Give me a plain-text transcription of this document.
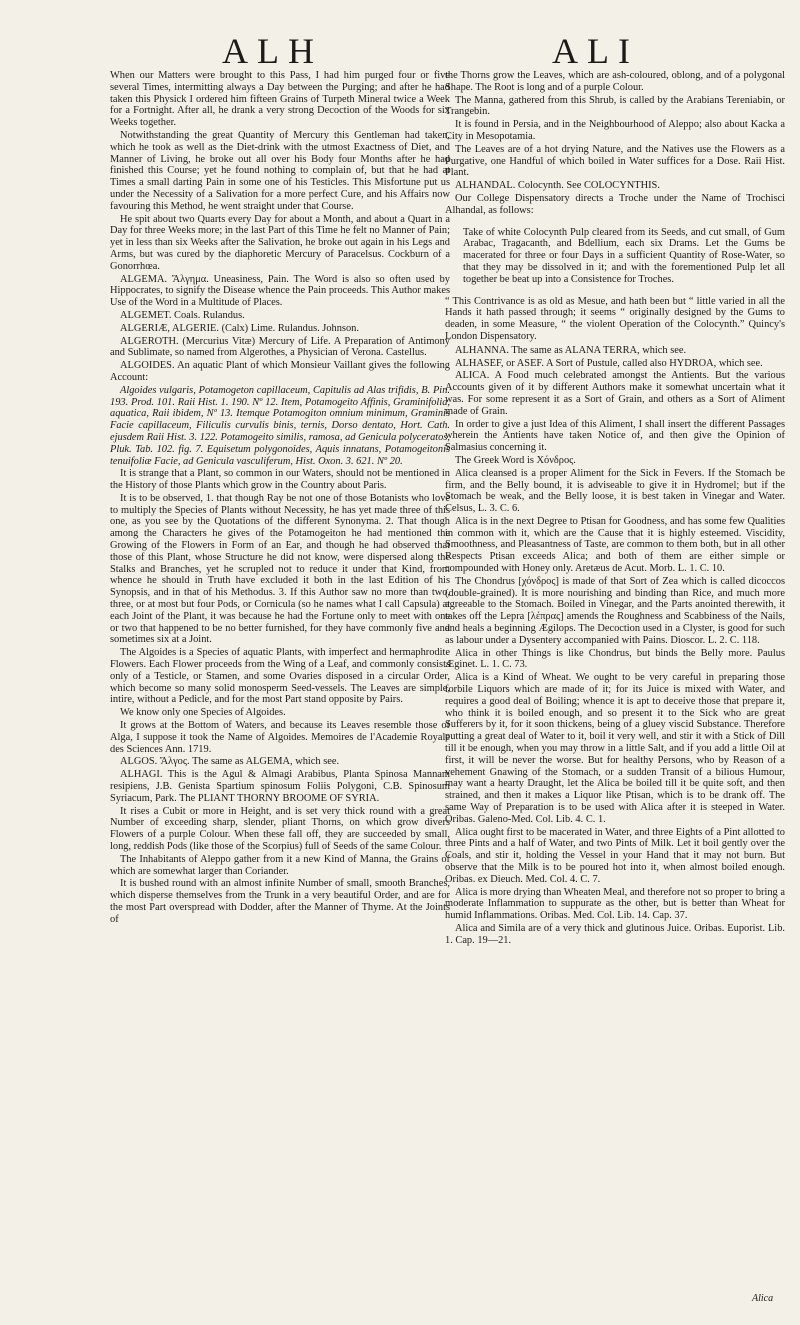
ALH	ALI

When our Matters were brought to this Pass, I had him purged four or five several Times, intermitting always a Day between the Purging; and after he had taken this Physick I ordered him fifteen Grains of Turpeth Mineral twice a Week for a Fortnight. After all, he drank a very strong Decoction of the Woods for six Weeks together.

Notwithstanding the great Quantity of Mercury this Gentleman had taken, which he took as well as the Diet-drink with the utmost Exactness of Diet, and Manner of Living, he broke out all over his Body four Months after he had finished this Course; yet he found nothing to complain of, but that he had at Times a small darting Pain in some one of his Testicles. This Misfortune put us under the Necessity of a Salivation for a more perfect Cure, and his Affairs now favouring this Method, he went straight under that Course.

He spit about two Quarts every Day for about a Month, and about a Quart in a Day for three Weeks more; in the last Part of this Time he felt no Manner of Pain; yet in less than six Weeks after the Salivation, he broke out again in his Legs and Arms, but was cured by the diaphoretic Mercury of Paracelsus. Cockburn of a Gonorrhœa.

ALGEMA. Ἄλγημα. Uneasiness, Pain. The Word is also so often used by Hippocrates, to signify the Disease whence the Pain proceeds. This Author makes Use of the Word in a Multitude of Places.

ALGEMET. Coals. Rulandus.

ALGERIÆ, ALGERIE. (Calx) Lime. Rulandus. Johnson.

ALGEROTH. (Mercurius Vitæ) Mercury of Life. A Preparation of Antimony and Sublimate, so named from Algerothes, a Physician of Verona. Castellus.

ALGOIDES. An aquatic Plant of which Monsieur Vaillant gives the following Account:

Algoides vulgaris, Potamogeton capillaceum, Capitulis ad Alas trifidis, B. Pin. 193. Prod. 101. Raii Hist. 1. 190. Nº 12. Item, Potamogeito Affinis, Graminifolia, aquatica, Raii ibidem, Nº 13. Itemque Potamogiton omnium minimum, Graminis Facie capillaceum, Filiculis curvulis binis, ternis, Dorso dentato, Hort. Cath. ejusdem Raii Hist. 3. 122. Potamogeito similis, ramosa, ad Genicula polyceratos, Pluk. Tab. 102. fig. 7. Equisetum polygonoides, Aquis innatans, Potamogeitonis tenuifoliæ Facie, ad Genicula vasculiferum, Hist. Oxon. 3. 621. Nº 20.

It is strange that a Plant, so common in our Waters, should not be mentioned in the History of those Plants which grow in the Country about Paris.

It is to be observed, 1. that though Ray be not one of those Botanists who love to multiply the Species of Plants without Necessity, he has yet made three of this one, as you see by the Quotations of the different Synonyma. 2. That though among the Characters he gives of the Potamogeiton he had mentioned the Growing of the Flowers in Form of an Ear, and though he had observed that those of this Plant, whose Structure he did not know, were dispersed along the Stalks and Branches, yet he scrupled not to reduce it under that Kind, from whence he should in Truth have excluded it both in the last Edition of his Synopsis, and in that of his Methodus. 3. If this Author saw no more than two, three, or at most but four Pods, or Cornicula (so he names what I call Capsula) at each Joint of the Plant, it was because he had the Fortune only to meet with one or two that happened to be no better furnished, for they have commonly five and sometimes six at a Joint.

The Algoides is a Species of aquatic Plants, with imperfect and hermaphrodite Flowers. Each Flower proceeds from the Wing of a Leaf, and commonly consists only of a Testicle, or Stamen, and some Ovaries disposed in a circular Order, which become so many solid monosperm Seed-vessels. The Leaves are simple, intire, without a Pedicle, and for the most Part stand opposite by Pairs.

We know only one Species of Algoides.

It grows at the Bottom of Waters, and because its Leaves resemble those of Alga, I suppose it took the Name of Algoides. Memoires de l'Academie Royale des Sciences Ann. 1719.

ALGOS. Ἄλγος. The same as ALGEMA, which see.

ALHAGI. This is the Agul & Almagi Arabibus, Planta Spinosa Mannam resipiens, J.B. Genista Spartium spinosum Foliis Polygoni, C.B. Spinosum Syriacum, Park. The PLIANT THORNY BROOME OF SYRIA.

It rises a Cubit or more in Height, and is set very thick round with a great Number of exceeding sharp, slender, pliant Thorns, on which grow divers Flowers of a purple Colour. When these fall off, they are succeeded by small, long, reddish Pods (like those of the Scorpius) full of Seeds of the same Colour.

The Inhabitants of Aleppo gather from it a new Kind of Manna, the Grains of which are somewhat larger than Coriander.

It is bushed round with an almost infinite Number of small, smooth Branches, which disperse themselves from the Trunk in a very beautiful Order, and are for the most Part overspread with Dodder, after the Manner of Thyme. At the Joints of

the Thorns grow the Leaves, which are ash-coloured, oblong, and of a polygonal Shape. The Root is long and of a purple Colour.

The Manna, gathered from this Shrub, is called by the Arabians Tereniabin, or Trangebin.

It is found in Persia, and in the Neighbourhood of Aleppo; also about Kacka a City in Mesopotamia.

The Leaves are of a hot drying Nature, and the Natives use the Flowers as a Purgative, one Handful of which boiled in Water suffices for a Dose. Raii Hist. Plant.

ALHANDAL. Colocynth. See COLOCYNTHIS.

Our College Dispensatory directs a Troche under the Name of Trochisci Alhandal, as follows:

Take of white Colocynth Pulp cleared from its Seeds, and cut small, of Gum Arabac, Tragacanth, and Bdellium, each six Drams. Let the Gums be macerated for three or four Days in a sufficient Quantity of Rose-Water, so that they may be dissolved in it; and with the forementioned Pulp let all together be beat up into a Consistence for Troches.

“ This Contrivance is as old as Mesue, and hath been but “ little varied in all the Hands it hath passed through; it seems “ originally designed by the Gums to deaden, in some Measure, “ the violent Operation of the Colocynth.” Quincy's London Dispensatory.

ALHANNA. The same as ALANA TERRA, which see.

ALHASEF, or ASEF. A Sort of Pustule, called also HYDROA, which see.

ALICA. A Food much celebrated amongst the Antients. But the various Accounts given of it by different Authors make it somewhat uncertain what it was. For some represent it as a Sort of Grain, and others as a Sort of Aliment made of Grain.

In order to give a just Idea of this Aliment, I shall insert the different Passages wherein the Antients have taken Notice of, and then give the Opinion of Salmasius concerning it.

The Greek Word is Χόνδρος.

Alica cleansed is a proper Aliment for the Sick in Fevers. If the Stomach be firm, and the Belly bound, it is adviseable to give it in Hydromel; but if the Stomach be weak, and the Belly loose, it is best taken in Vinegar and Water. Celsus, L. 3. C. 6.

Alica is in the next Degree to Ptisan for Goodness, and has some few Qualities in common with it, which are the Cause that it is highly esteemed. Viscidity, Smoothness, and Pleasantness of Taste, are common to them both, but in all other Respects Ptisan exceeds Alica; and both of them are either simple or compounded with Honey only. Aretæus de Acut. Morb. L. 1. C. 10.

The Chondrus [χόνδρος] is made of that Sort of Zea which is called dicoccos (double-grained). It is more nourishing and binding than Rice, and much more agreeable to the Stomach. Boiled in Vinegar, and the Parts anointed therewith, it takes off the Lepra [λέπρας] amends the Roughness and Scabbiness of the Nails, and heals a beginning Ægilops. The Decoction used in a Clyster, is good for such as labour under a Dysentery accompanied with Pains. Dioscor. L. 2. C. 118.

Alica in other Things is like Chondrus, but binds the Belly more. Paulus Æginet. L. 1. C. 73.

Alica is a Kind of Wheat. We ought to be very careful in preparing those forbile Liquors which are made of it; for its Juice is mixed with Water, and requires a good deal of Boiling; whence it is apt to deceive those that prepare it, who think it is boiled enough, and so present it to the Sick who are great Sufferers by it, for it soon thickens, being of a gluey viscid Substance. Therefore putting a great deal of Water to it, boil it very well, and stir it with a Stick of Dill till it be enough, when you may throw in a little Salt, and if you add a little Oil at first, it will be never the worse. But for healthy Persons, who by Reason of a vehement Gnawing of the Stomach, or a sudden Transit of a bilious Humour, may want a hearty Draught, let the Alica be boiled till it be quite soft, and then strained, and then it makes a Liquor like Ptisan, which is to be drank off. The same Way of Preparation is to be used with Alica after it is steeped in Water. Oribas. Galeno-Med. Col. Lib. 4. C. 1.

Alica ought first to be macerated in Water, and three Eights of a Pint allotted to three Pints and a half of Water, and two Pints of Milk. Let it boil gently over the Coals, and stir it, holding the Vessel in your Hand that it may not burn. But observe that the Milk is to be poured hot into it, when almost boiled enough. Oribas. ex Dieuch. Med. Col. 4. C. 7.

Alica is more drying than Wheaten Meal, and therefore not so proper to bring a moderate Inflammation to suppurate as the other, but is better than Wheat for humid Inflammations. Oribas. Med. Col. Lib. 14. Cap. 37.

Alica and Simila are of a very thick and glutinous Juice. Oribas. Euporist. Lib. 1. Cap. 19—21.

Alica
